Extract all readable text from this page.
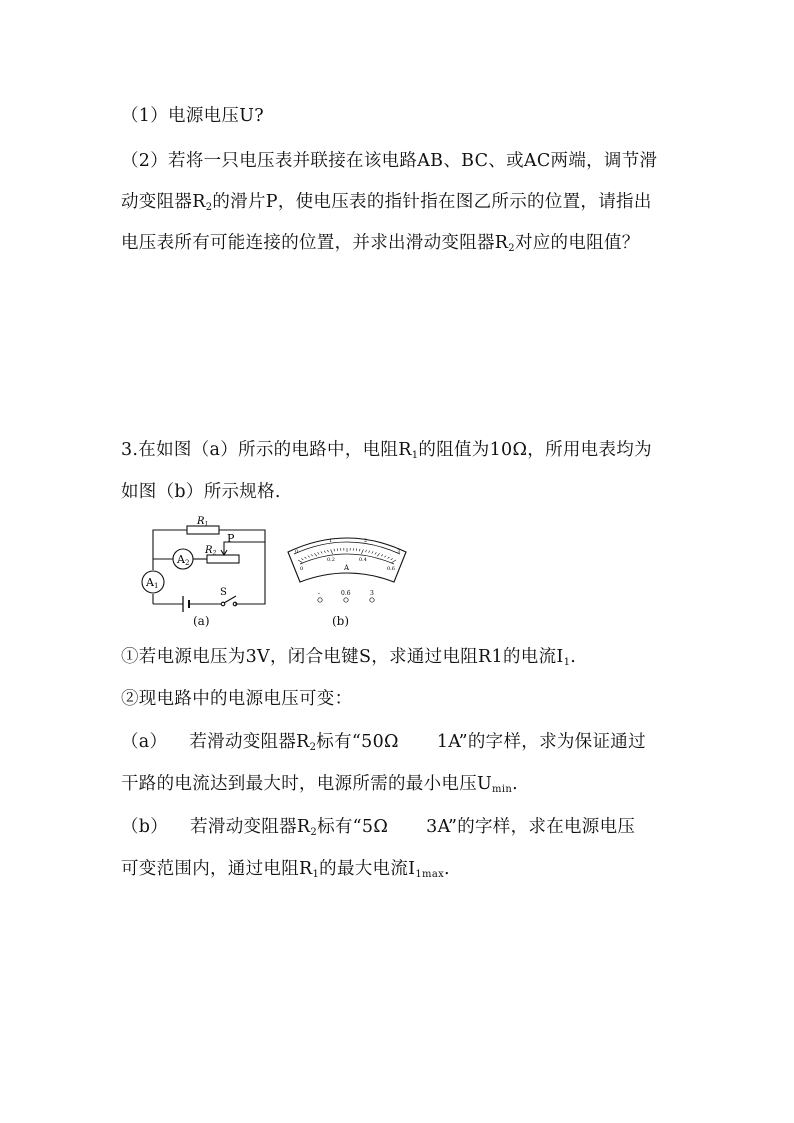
（1）电源电压U?
（2）若将一只电压表并联接在该电路AB、BC、或AC两端，调节滑
动变阻器$R_2$的滑片P，使电压表的指针指在图乙所示的位置，请指出
电压表所有可能连接的位置，并求出滑动变阻器$R_2$对应的电阻值？
3.在如图（a）所示的电路中，电阻$R_1$的阻值为10Ω，所用电表均为
如图（b）所示规格.
$R_1$
$R_2$
P
A2
A1
S
(a)
0
1	2
3
0
0.2	0.4
0.6
A
-	0.6	3
(b)
①若电源电压为3V，闭合电键S，求通过电阻R1的电流$I_1$.
②现电路中的电源电压可变：
（a） 若滑动变阻器$R_2$标有“50Ω 1A”的字样，求为保证通过
干路的电流达到最大时，电源所需的最小电压$U_{min}$.
（b） 若滑动变阻器$R_2$标有“5Ω 3A”的字样，求在电源电压
可变范围内，通过电阻$R_1$的最大电流$I_{1max}$.
